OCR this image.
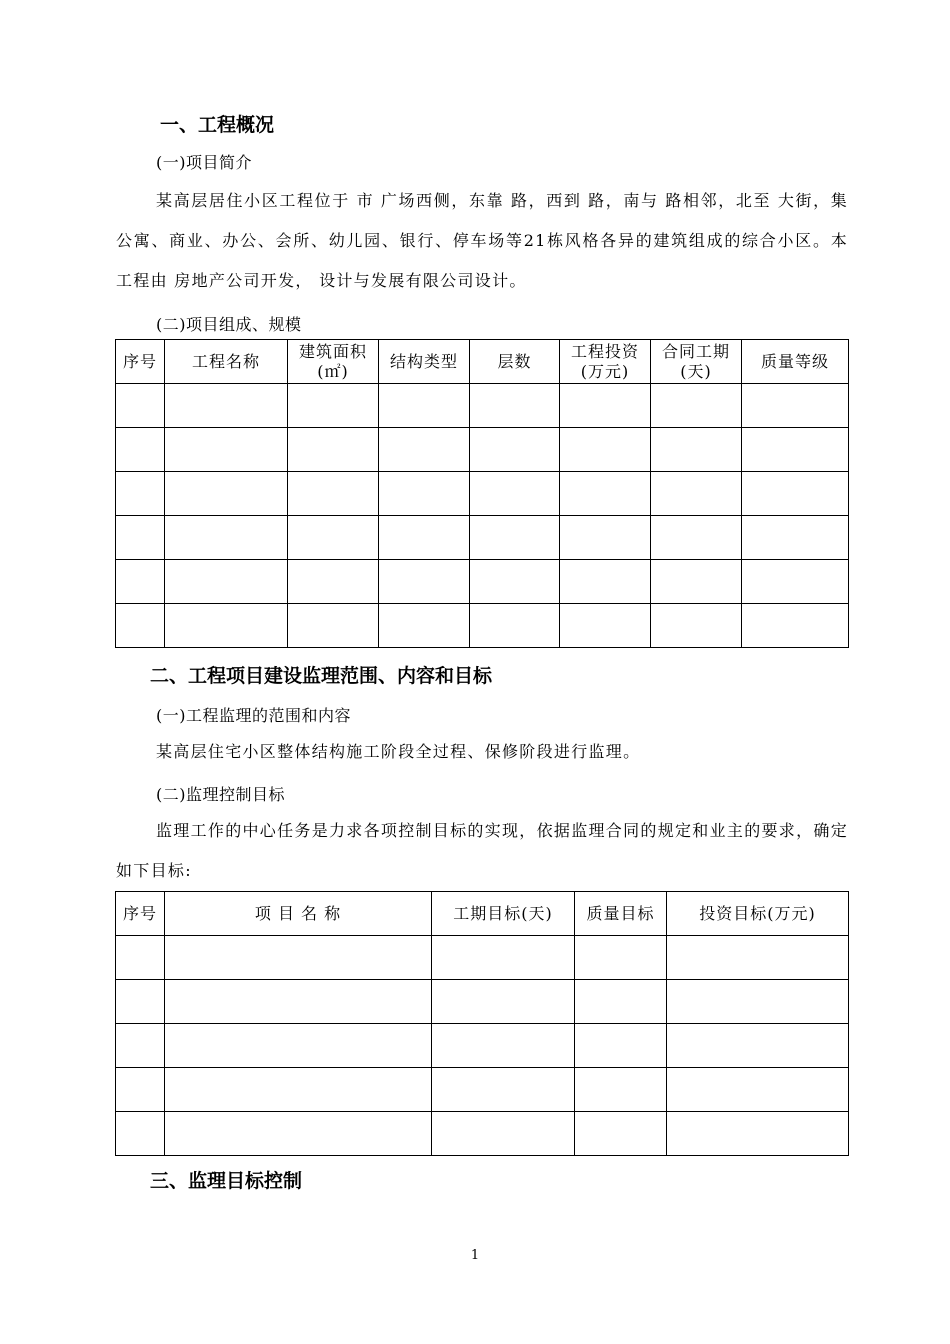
一、工程概况
(一)项目简介
某高层居住小区工程位于 市 广场西侧，东靠 路，西到 路，南与 路相邻，北至 大街，集公寓、商业、办公、会所、幼儿园、银行、停车场等21栋风格各异的建筑组成的综合小区。本工程由 房地产公司开发， 设计与发展有限公司设计。
(二)项目组成、规模
序号	工程名称	建筑面积(㎡)	结构类型	层数	工程投资(万元)	合同工期(天)	质量等级

二、工程项目建设监理范围、内容和目标
(一)工程监理的范围和内容
某高层住宅小区整体结构施工阶段全过程、保修阶段进行监理。
(二)监理控制目标
监理工作的中心任务是力求各项控制目标的实现，依据监理合同的规定和业主的要求，确定如下目标:
序号	项 目 名 称	工期目标(天)	质量目标	投资目标(万元)

三、监理目标控制
1
